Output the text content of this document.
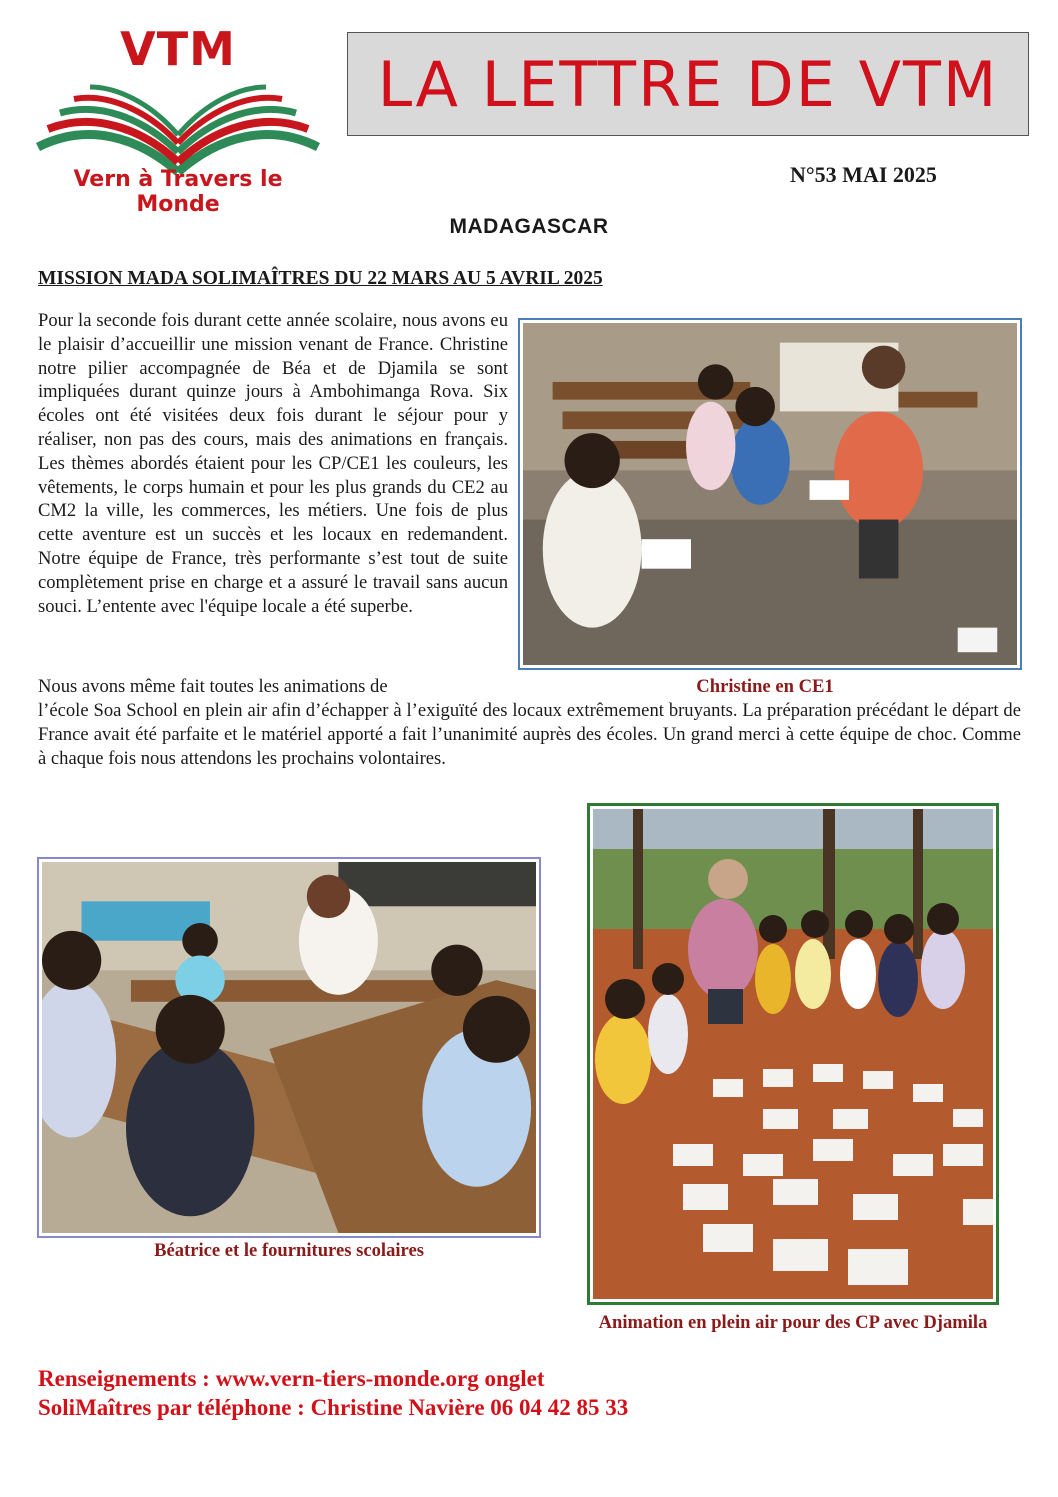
VTM
Vern à Travers le Monde
LA LETTRE DE VTM
N°53 MAI 2025
MADAGASCAR
MISSION MADA SOLIMAÎTRES DU 22 MARS AU 5 AVRIL 2025
Pour la seconde fois durant cette année scolaire, nous avons eu le plaisir d’accueillir une mission venant de France. Christine notre pilier accompagnée de Béa et de Djamila se sont impliquées durant quinze jours à Ambohimanga Rova. Six écoles ont été visitées deux fois durant le séjour pour y réaliser, non pas des cours, mais des animations en français. Les thèmes abordés étaient pour les CP/CE1 les couleurs, les vêtements, le corps humain et pour les plus grands du CE2 au CM2 la ville, les commerces, les métiers. Une fois de plus cette aventure est un succès et les locaux en redemandent. Notre équipe de France, très performante s’est tout de suite complètement prise en charge et a assuré le travail sans aucun souci. L’entente avec l'équipe locale a été superbe.
Nous avons même fait toutes les animations de
l’école Soa School en plein air afin d’échapper à l’exiguïté des locaux extrêmement bruyants. La préparation précédant le départ de France avait été parfaite et le matériel apporté a fait l’unanimité auprès des écoles. Un grand merci à cette équipe de choc. Comme à chaque fois nous attendons les prochains volontaires.
Christine en CE1
Béatrice et le fournitures scolaires
Animation en plein air pour des CP avec Djamila
Renseignements : www.vern-tiers-monde.org onglet
SoliMaîtres par téléphone : Christine Navière 06 04 42 85 33
